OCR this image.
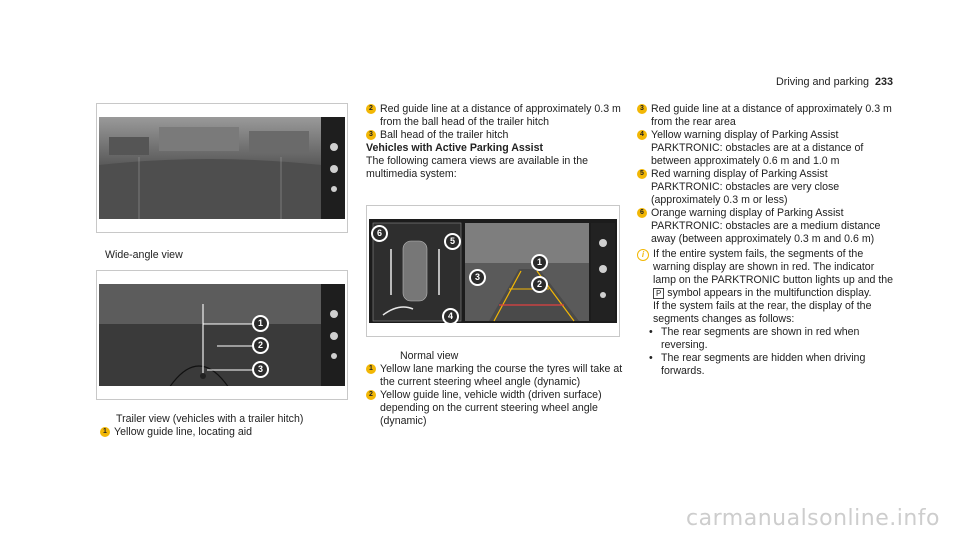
Driving and parking 233
Wide-angle view
1
2
3
Trailer view (vehicles with a trailer hitch)
1 Yellow guide line, locating aid
2 Red guide line at a distance of approximately 0.3 m from the ball head of the trailer hitch
3 Ball head of the trailer hitch

Vehicles with Active Parking Assist

The following camera views are available in the multimedia system:

6
5
4
1
2
3

Normal view

1 Yellow lane marking the course the tyres will take at the current steering wheel angle (dynamic)
2 Yellow guide line, vehicle width (driven surface) depending on the current steering wheel angle (dynamic)
3 Red guide line at a distance of approximately 0.3 m from the rear area
4 Yellow warning display of Parking Assist PARKTRONIC: obstacles are at a distance of between approximately 0.6 m and 1.0 m
5 Red warning display of Parking Assist PARKTRONIC: obstacles are very close (approximately 0.3 m or less)
6 Orange warning display of Parking Assist PARKTRONIC: obstacles are a medium distance away (between approximately 0.3 m and 0.6 m)
i If the entire system fails, the segments of the warning display are shown in red. The indicator lamp on the PARKTRONIC button lights up and the P symbol appears in the multifunction display.

If the system fails at the rear, the display of the segments changes as follows:

• The rear segments are shown in red when reversing.
• The rear segments are hidden when driving forwards.
carmanualsonline.info
